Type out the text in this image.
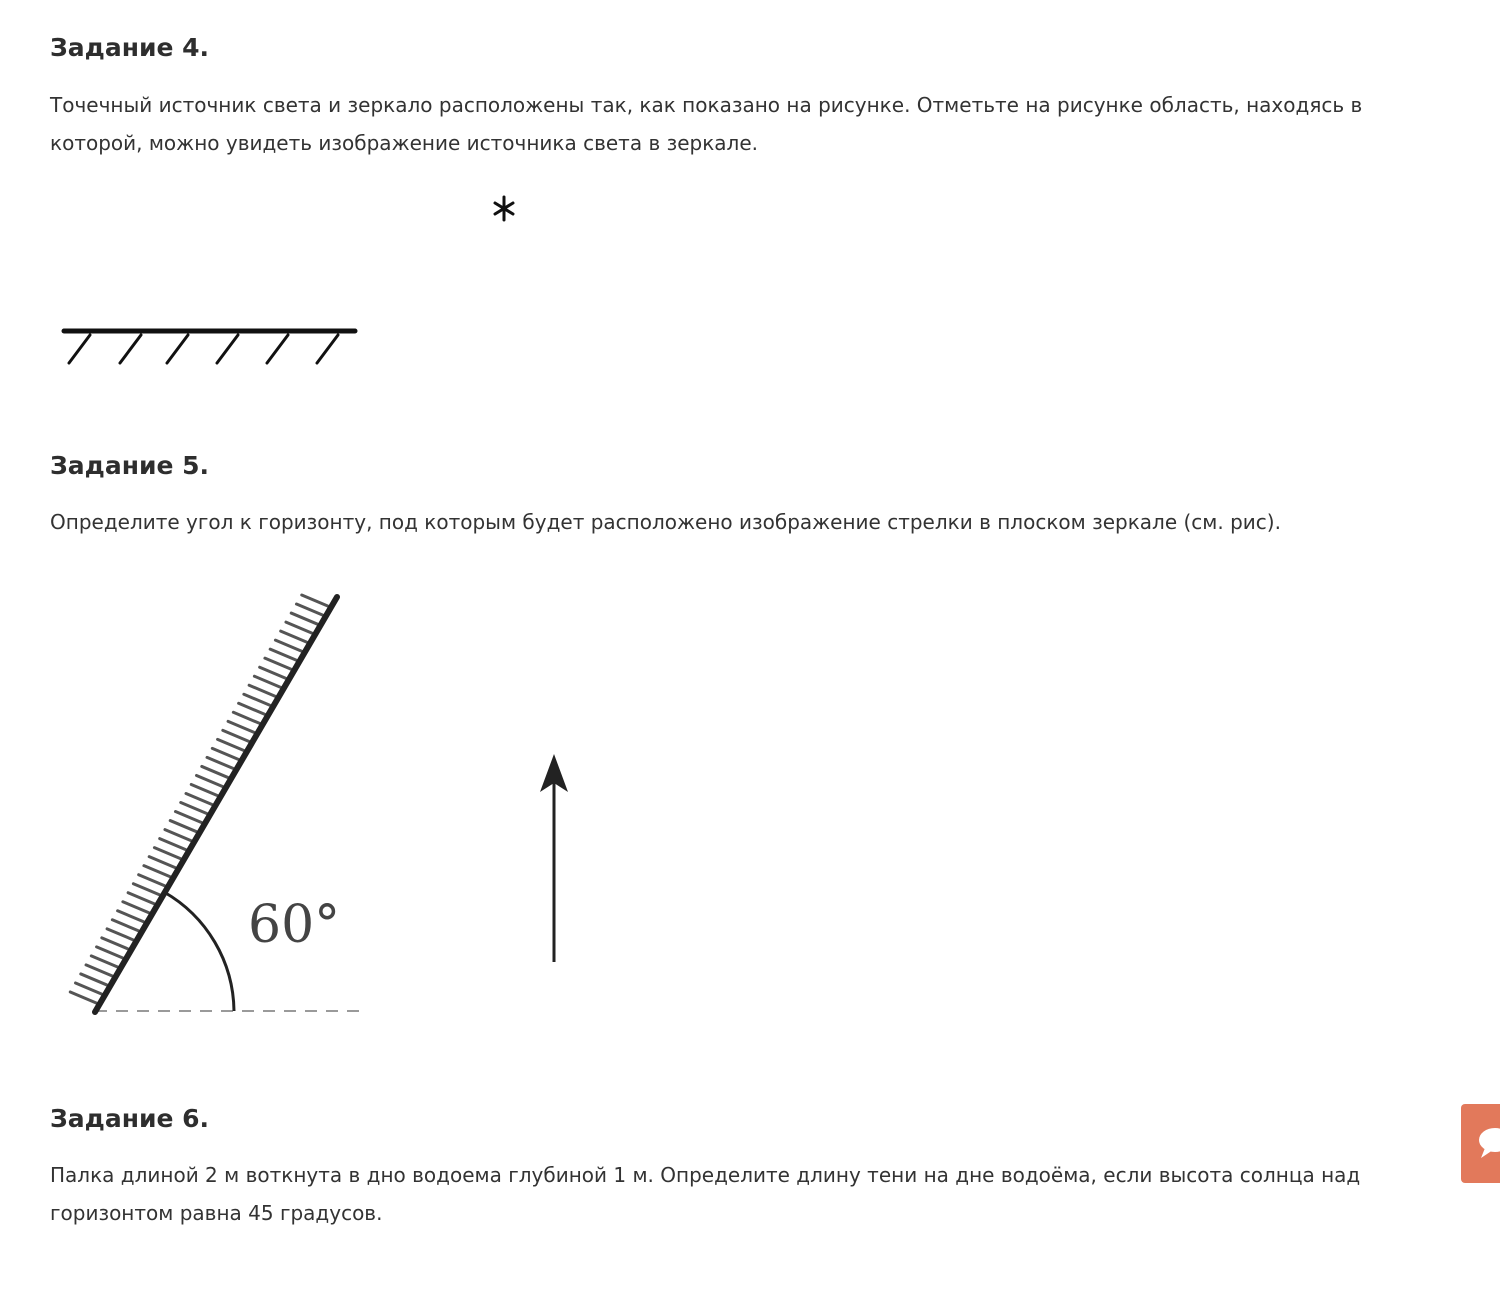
Задание 4.

Точечный источник света и зеркало расположены так, как показано на рисунке. Отметьте на рисунке область, находясь в которой, можно увидеть изображение источника света в зеркале.

Задание 5.

Определите угол к горизонту, под которым будет расположено изображение стрелки в плоском зеркале (см. рис).

60°
Задание 6.

Палка длиной 2 м воткнута в дно водоема глубиной 1 м. Определите длину тени на дне водоёма, если высота солнца над горизонтом равна 45 градусов.
